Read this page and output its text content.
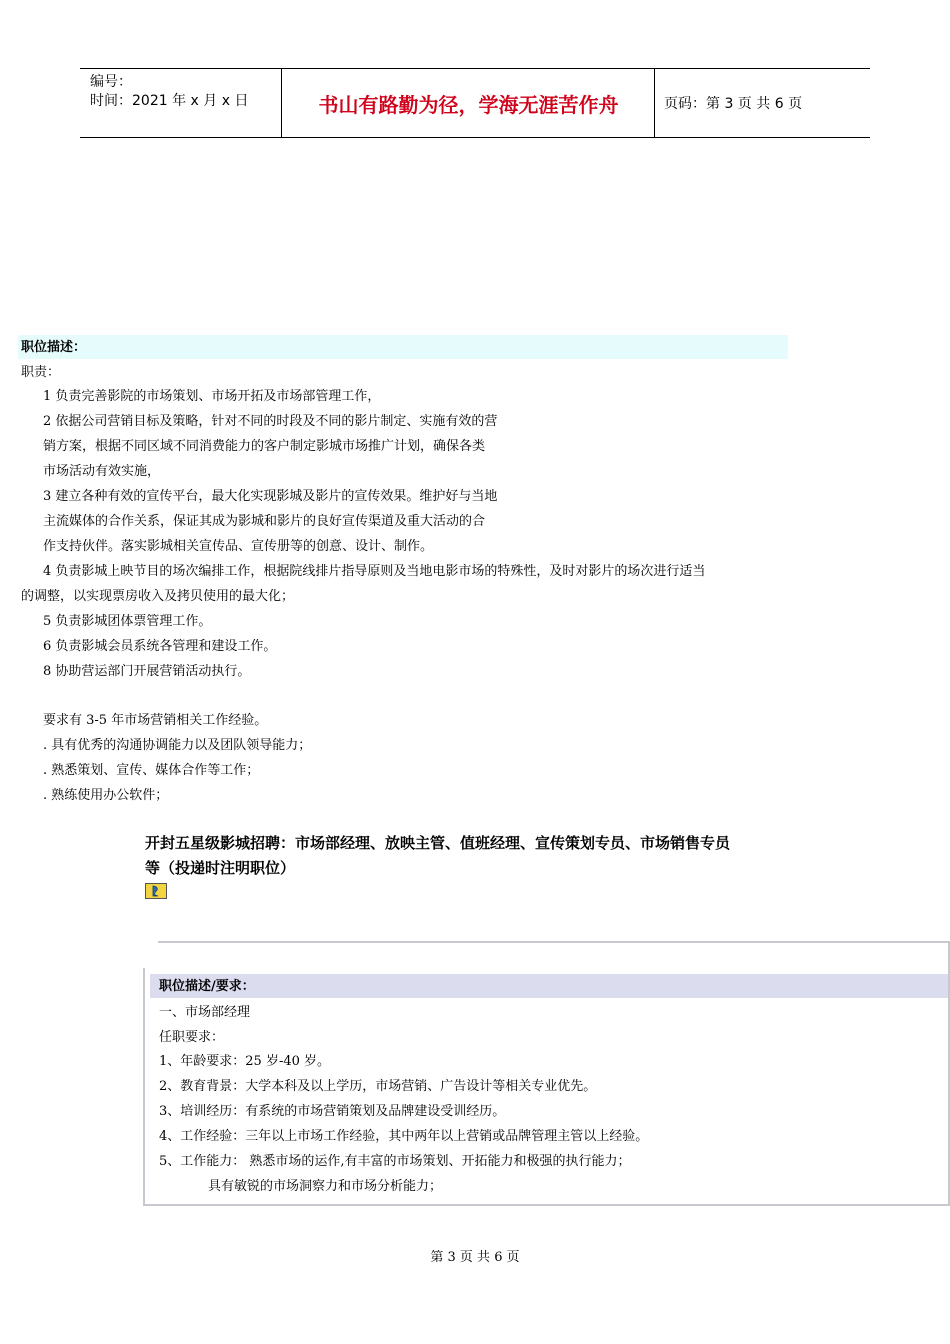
编号：
时间：2021 年 x 月 x 日	书山有路勤为径，学海无涯苦作舟	页码：第 3 页 共 6 页
职位描述：
职责：
1 负责完善影院的市场策划、市场开拓及市场部管理工作，
2 依据公司营销目标及策略，针对不同的时段及不同的影片制定、实施有效的营
销方案，根据不同区域不同消费能力的客户制定影城市场推广计划，确保各类
市场活动有效实施，
3 建立各种有效的宣传平台，最大化实现影城及影片的宣传效果。维护好与当地
主流媒体的合作关系，保证其成为影城和影片的良好宣传渠道及重大活动的合
作支持伙伴。落实影城相关宣传品、宣传册等的创意、设计、制作。
4 负责影城上映节目的场次编排工作，根据院线排片指导原则及当地电影市场的特殊性，及时对影片的场次进行适当
的调整，以实现票房收入及拷贝使用的最大化；
5 负责影城团体票管理工作。
6 负责影城会员系统各管理和建设工作。
8 协助营运部门开展营销活动执行。
要求有 3-5 年市场营销相关工作经验。
. 具有优秀的沟通协调能力以及团队领导能力；
. 熟悉策划、宣传、媒体合作等工作；
. 熟练使用办公软件；
开封五星级影城招聘：市场部经理、放映主管、值班经理、宣传策划专员、市场销售专员
等（投递时注明职位）
职位描述/要求：
一、市场部经理
任职要求：
1、年龄要求：25 岁-40 岁。
2、教育背景：大学本科及以上学历，市场营销、广告设计等相关专业优先。
3、培训经历：有系统的市场营销策划及品牌建设受训经历。
4、工作经验：三年以上市场工作经验，其中两年以上营销或品牌管理主管以上经验。
5、工作能力： 熟悉市场的运作,有丰富的市场策划、开拓能力和极强的执行能力；
具有敏锐的市场洞察力和市场分析能力；
第 3 页 共 6 页
